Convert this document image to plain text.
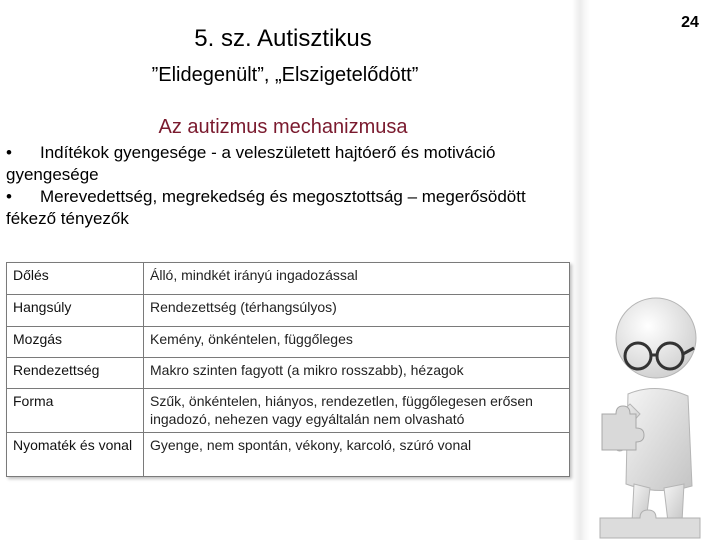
24
5. sz. Autisztikus
”Elidegenült”, „Elszigetelődött”
Az autizmus mechanizmusa

• Indítékok gyengesége - a veleszületett hajtóerő és motiváció gyengesége

• Merevedettség, megrekedség és megosztottság – megerősödött fékező tényezők

Dőlés	Álló, mindkét irányú ingadozással
Hangsúly	Rendezettség (térhangsúlyos)
Mozgás	Kemény, önkéntelen, függőleges
Rendezettség	Makro szinten fagyott (a mikro rosszabb), hézagok
Forma	Szűk, önkéntelen, hiányos, rendezetlen, függőlegesen erősen ingadozó, nehezen vagy egyáltalán nem olvasható
Nyomaték és vonal	Gyenge, nem spontán, vékony, karcoló, szúró vonal
